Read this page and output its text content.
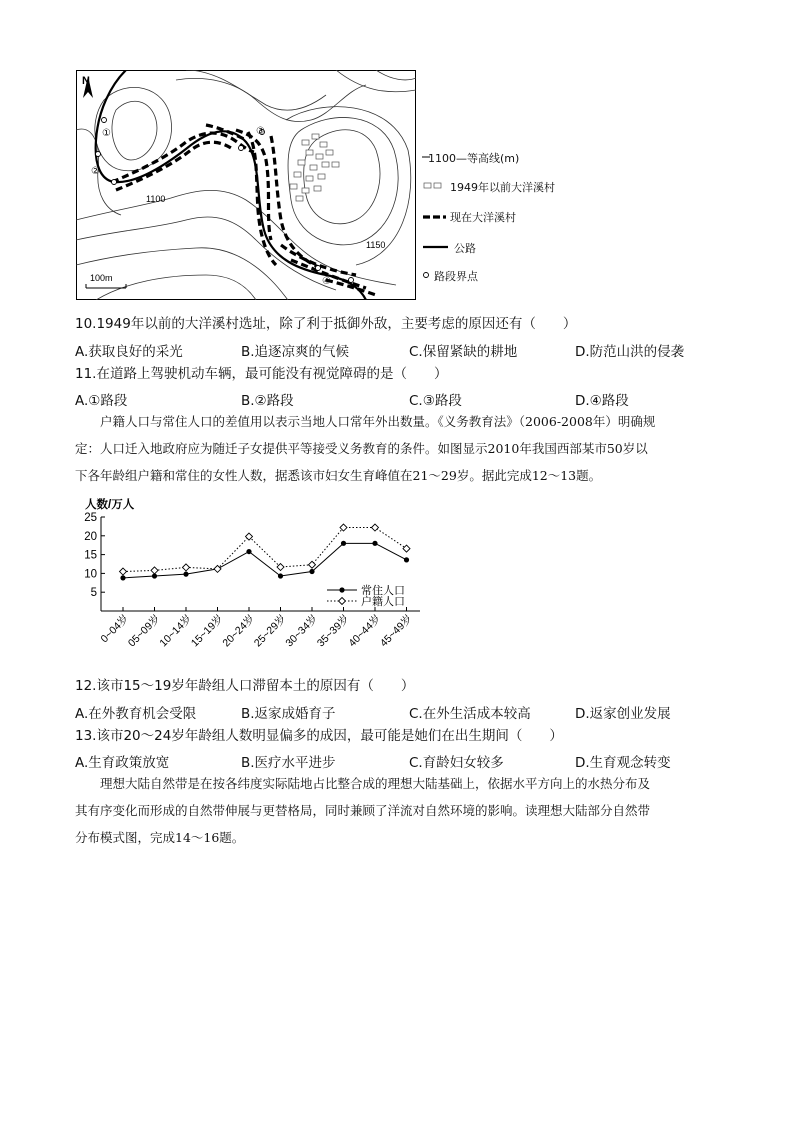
N
100m
1100
1150
①
②
③
④
1100—等高线(m)
1949年以前大洋溪村
现在大洋溪村
公路
路段界点
10.1949年以前的大洋溪村选址，除了利于抵御外敌，主要考虑的原因还有（　　）
A.获取良好的采光	B.追逐凉爽的气候	C.保留紧缺的耕地	D.防范山洪的侵袭
11.在道路上驾驶机动车辆，最可能没有视觉障碍的是（　　）
A.①路段	B.②路段	C.③路段	D.④路段
户籍人口与常住人口的差值用以表示当地人口常年外出数量。《义务教育法》（2006-2008年）明确规
定：人口迁入地政府应为随迁子女提供平等接受义务教育的条件。如图显示2010年我国西部某市50岁以
下各年龄组户籍和常住的女性人数，据悉该市妇女生育峰值在21～29岁。据此完成12～13题。
人数/万人
25
20
15
10
5
0~04岁
05~09岁
10~14岁
15~19岁
20~24岁
25~29岁
30~34岁
35~39岁
40~44岁
45~49岁
常住人口
户籍人口
12.该市15～19岁年龄组人口滞留本土的原因有（　　）
A.在外教育机会受限	B.返家成婚育子	C.在外生活成本较高	D.返家创业发展
13.该市20～24岁年龄组人数明显偏多的成因，最可能是她们在出生期间（　　）
A.生育政策放宽	B.医疗水平进步	C.育龄妇女较多	D.生育观念转变
理想大陆自然带是在按各纬度实际陆地占比整合成的理想大陆基础上，依据水平方向上的水热分布及
其有序变化而形成的自然带伸展与更替格局，同时兼顾了洋流对自然环境的影响。读理想大陆部分自然带
分布模式图，完成14～16题。
